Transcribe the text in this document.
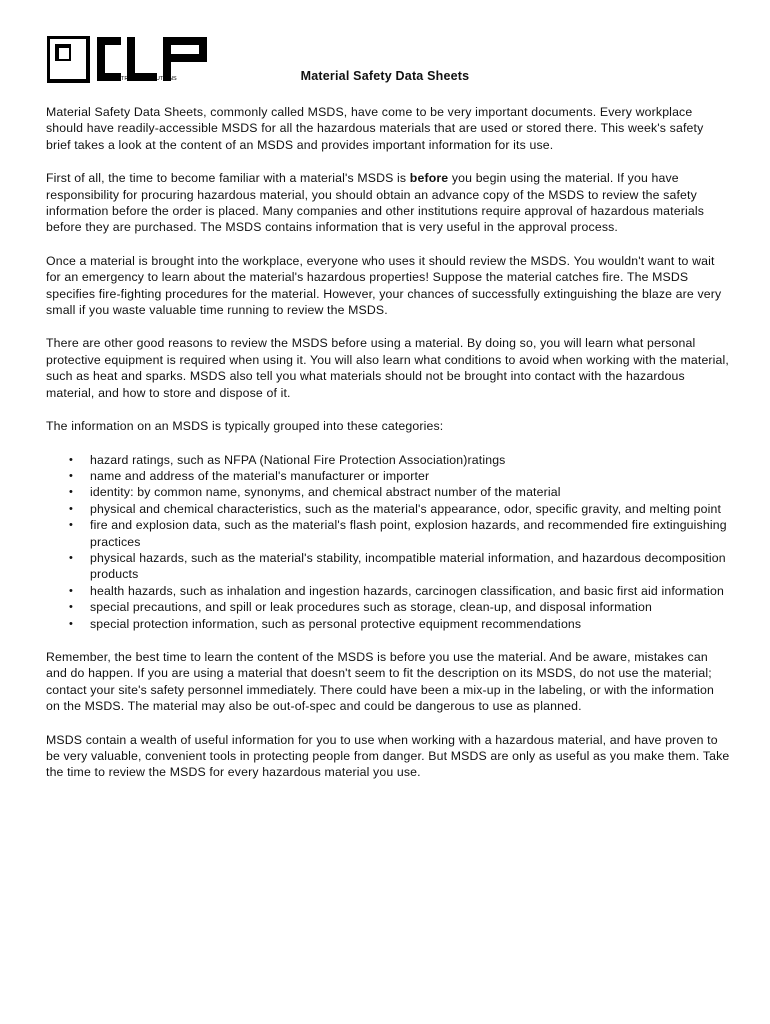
SKILLED TRADES SOLUTIONS	Material Safety Data Sheets

Material Safety Data Sheets, commonly called MSDS, have come to be very important documents. Every workplace should have readily-accessible MSDS for all the hazardous materials that are used or stored there. This week's safety brief takes a look at the content of an MSDS and provides important information for its use.

First of all, the time to become familiar with a material's MSDS is before you begin using the material. If you have responsibility for procuring hazardous material, you should obtain an advance copy of the MSDS to review the safety information before the order is placed. Many companies and other institutions require approval of hazardous materials before they are purchased. The MSDS contains information that is very useful in the approval process.

Once a material is brought into the workplace, everyone who uses it should review the MSDS. You wouldn't want to wait for an emergency to learn about the material's hazardous properties! Suppose the material catches fire. The MSDS specifies fire-fighting procedures for the material. However, your chances of successfully extinguishing the blaze are very small if you waste valuable time running to review the MSDS.

There are other good reasons to review the MSDS before using a material. By doing so, you will learn what personal protective equipment is required when using it. You will also learn what conditions to avoid when working with the material, such as heat and sparks. MSDS also tell you what materials should not be brought into contact with the hazardous material, and how to store and dispose of it.

The information on an MSDS is typically grouped into these categories:

• hazard ratings, such as NFPA (National Fire Protection Association)ratings
• name and address of the material's manufacturer or importer
• identity: by common name, synonyms, and chemical abstract number of the material
• physical and chemical characteristics, such as the material's appearance, odor, specific gravity, and melting point
• fire and explosion data, such as the material's flash point, explosion hazards, and recommended fire extinguishing practices
• physical hazards, such as the material's stability, incompatible material information, and hazardous decomposition products
• health hazards, such as inhalation and ingestion hazards, carcinogen classification, and basic first aid information
• special precautions, and spill or leak procedures such as storage, clean-up, and disposal information
• special protection information, such as personal protective equipment recommendations

Remember, the best time to learn the content of the MSDS is before you use the material. And be aware, mistakes can and do happen. If you are using a material that doesn't seem to fit the description on its MSDS, do not use the material; contact your site's safety personnel immediately. There could have been a mix-up in the labeling, or with the information on the MSDS. The material may also be out-of-spec and could be dangerous to use as planned.

MSDS contain a wealth of useful information for you to use when working with a hazardous material, and have proven to be very valuable, convenient tools in protecting people from danger. But MSDS are only as useful as you make them. Take the time to review the MSDS for every hazardous material you use.
